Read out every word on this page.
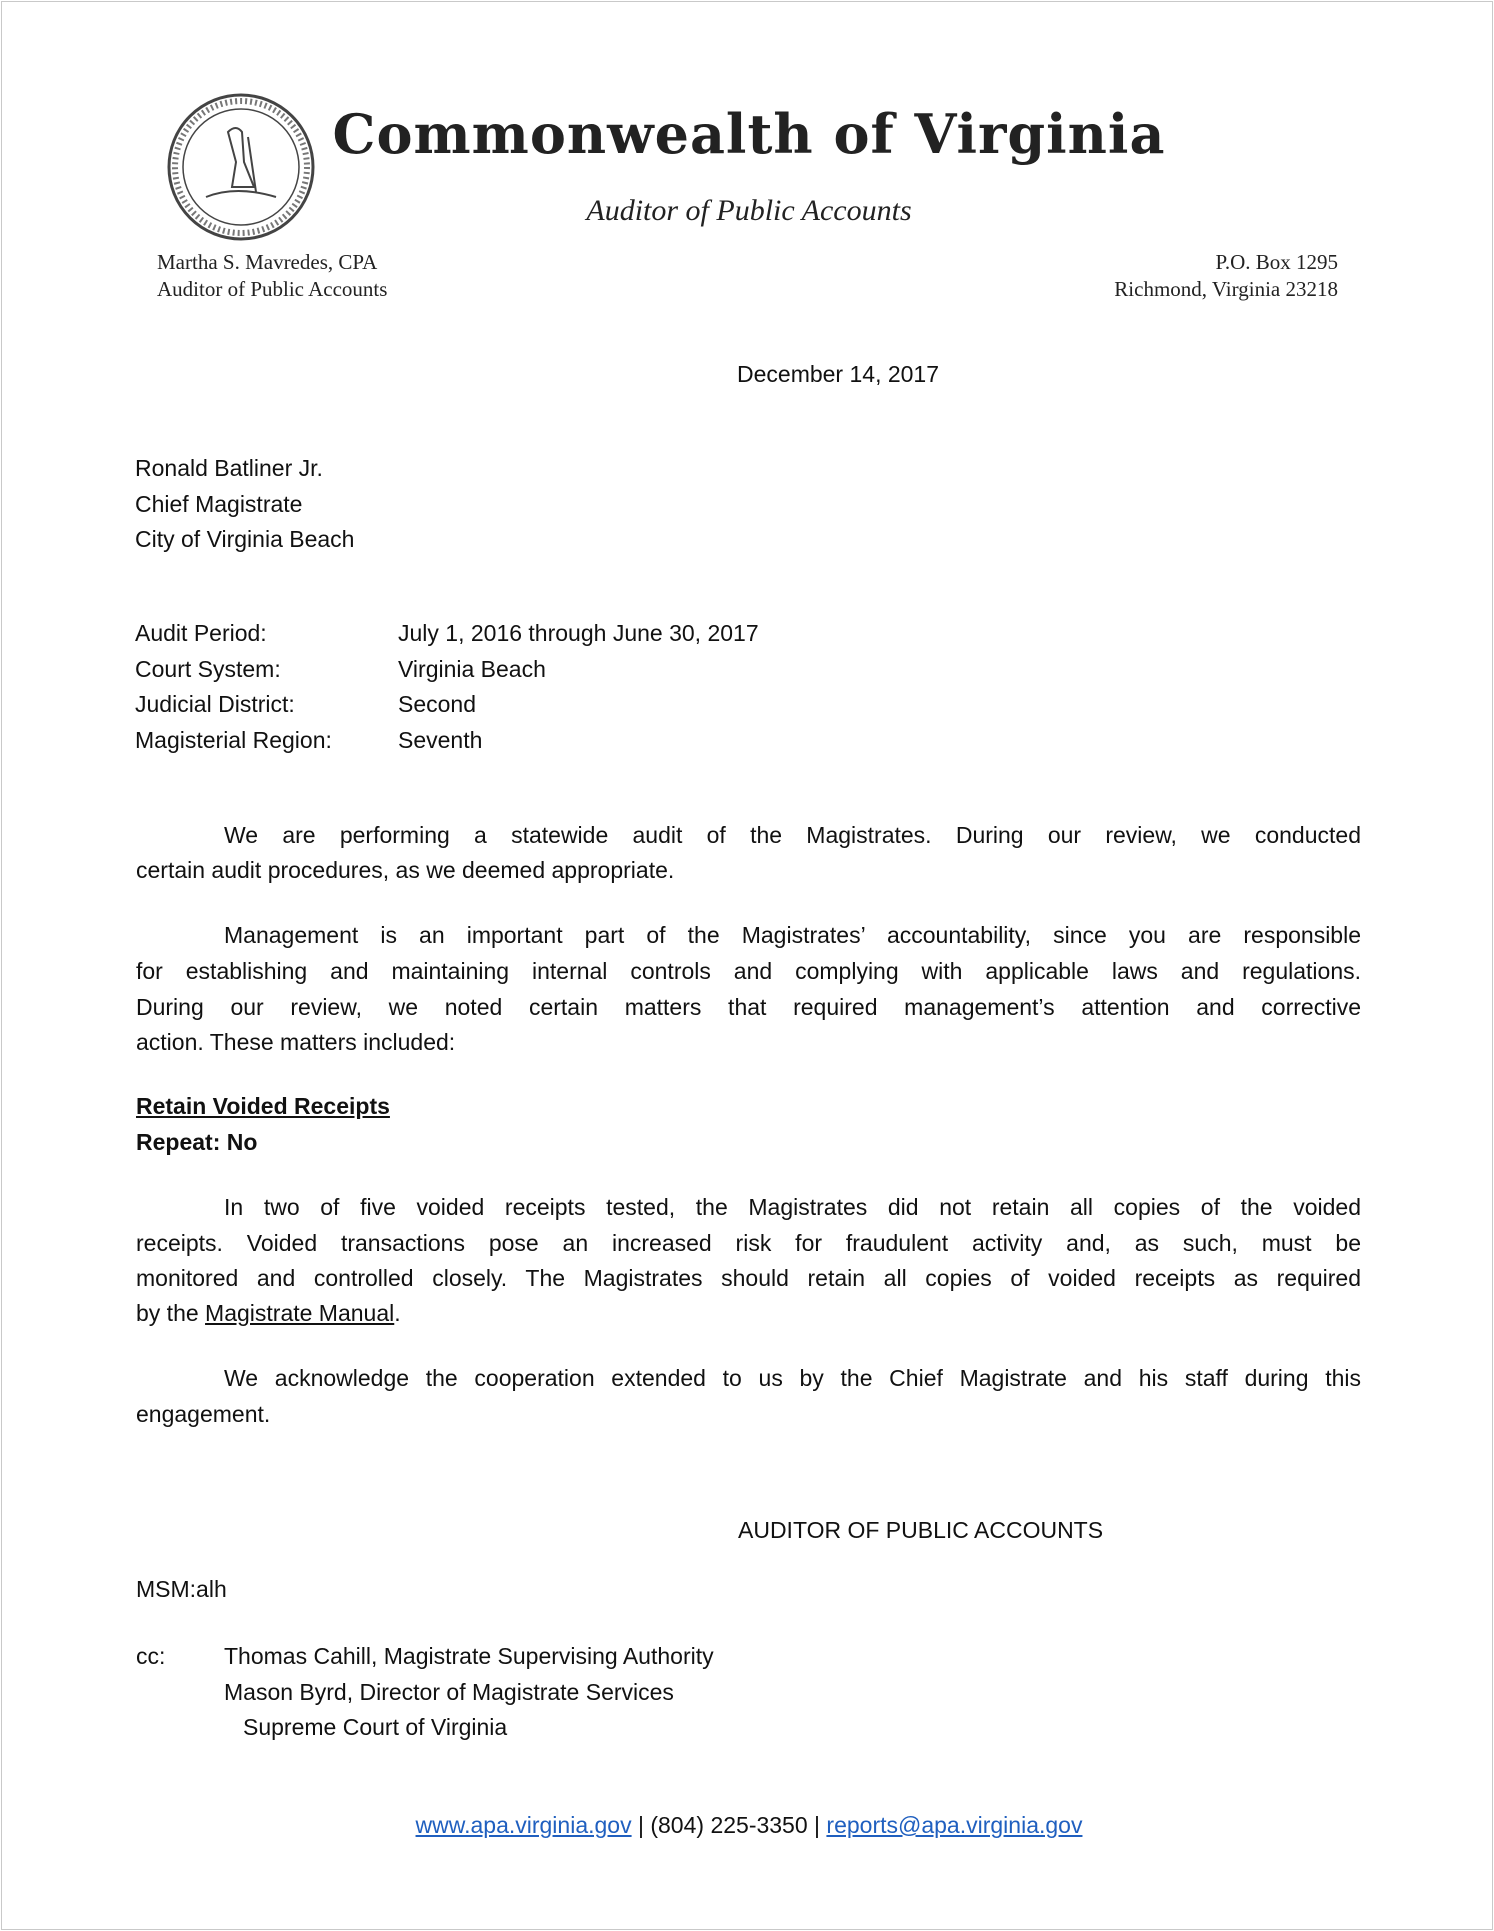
Commonwealth of Virginia
Auditor of Public Accounts
Martha S. Mavredes, CPA
Auditor of Public Accounts
P.O. Box 1295
Richmond, Virginia 23218
December 14, 2017
Ronald Batliner Jr.
Chief Magistrate
City of Virginia Beach
Audit Period:	July 1, 2016 through June 30, 2017
Court System:	Virginia Beach
Judicial District:	Second
Magisterial Region:	Seventh
We are performing a statewide audit of the Magistrates. During our review, we conducted
certain audit procedures, as we deemed appropriate.
Management is an important part of the Magistrates’ accountability, since you are responsible
for establishing and maintaining internal controls and complying with applicable laws and regulations.
During our review, we noted certain matters that required management’s attention and corrective
action. These matters included:
Retain Voided Receipts
Repeat: No
In two of five voided receipts tested, the Magistrates did not retain all copies of the voided
receipts. Voided transactions pose an increased risk for fraudulent activity and, as such, must be
monitored and controlled closely. The Magistrates should retain all copies of voided receipts as required
by the Magistrate Manual.
We acknowledge the cooperation extended to us by the Chief Magistrate and his staff during this
engagement.
AUDITOR OF PUBLIC ACCOUNTS
MSM:alh
cc:	Thomas Cahill, Magistrate Supervising Authority
Mason Byrd, Director of Magistrate Services
Supreme Court of Virginia
www.apa.virginia.gov | (804) 225-3350 | reports@apa.virginia.gov
